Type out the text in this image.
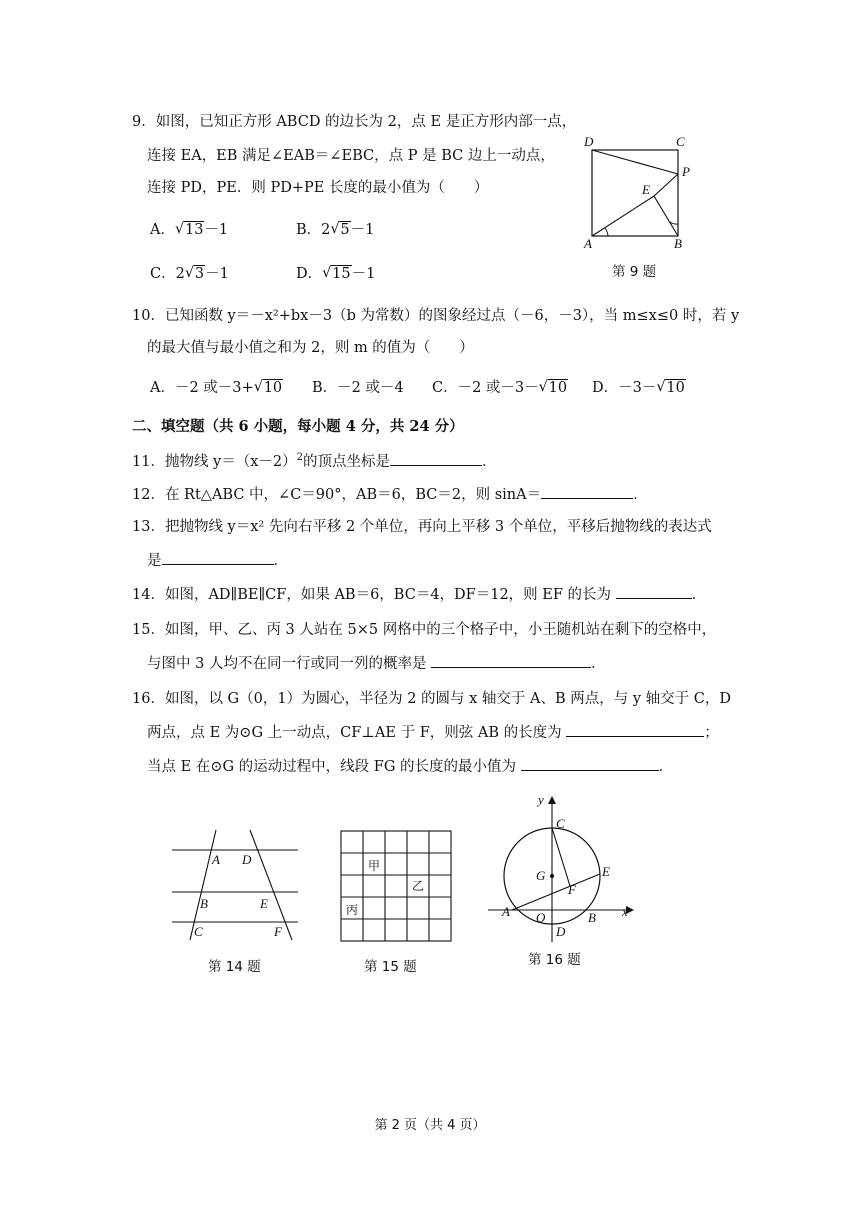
9．如图，已知正方形 ABCD 的边长为 2，点 E 是正方形内部一点，
连接 EA，EB 满足∠EAB＝∠EBC，点 P 是 BC 边上一动点，
连接 PD，PE．则 PD+PE 长度的最小值为（　　）
A． √ 13－1	B．2 √ 5－1
C．2 √ 3－1	D． √ 15－1
D	C
P
E
A	B
第 9 题
10．已知函数 y＝－x²+bx－3（b 为常数）的图象经过点（－6，－3），当 m≤x≤0 时，若 y
的最大值与最小值之和为 2，则 m 的值为（　　）
A．－2 或－3+ √ 10 B．－2 或－4 C．－2 或－3－ √ 10 D．－3－ √ 10
二、填空题（共 6 小题，每小题 4 分，共 24 分）
11．抛物线 $y=(x-2)^2$的顶点坐标是	．
12．在 Rt△ABC 中，∠C＝90°，AB＝6，BC＝2，则 sinA＝	．
13．把抛物线 y＝x² 先向右平移 2 个单位，再向上平移 3 个单位，平移后抛物线的表达式
是	．
14．如图，AD∥BE∥CF，如果 AB＝6，BC＝4，DF＝12，则 EF 的长为	．
15．如图，甲、乙、丙 3 人站在 5×5 网格中的三个格子中，小王随机站在剩下的空格中，
与图中 3 人均不在同一行或同一列的概率是	．
16．如图，以 G（0，1）为圆心，半径为 2 的圆与 x 轴交于 A、B 两点，与 y 轴交于 C，D
两点，点 E 为⊙G 上一动点，CF⊥AE 于 F，则弦 AB 的长度为	；
当点 E 在⊙G 的运动过程中，线段 FG 的长度的最小值为	．
A D
B	E
C	F
第 14 题
甲
乙
丙
第 15 题
y
x
C
G	E
F
A O	B
D
第 16 题
第 2 页（共 4 页）
